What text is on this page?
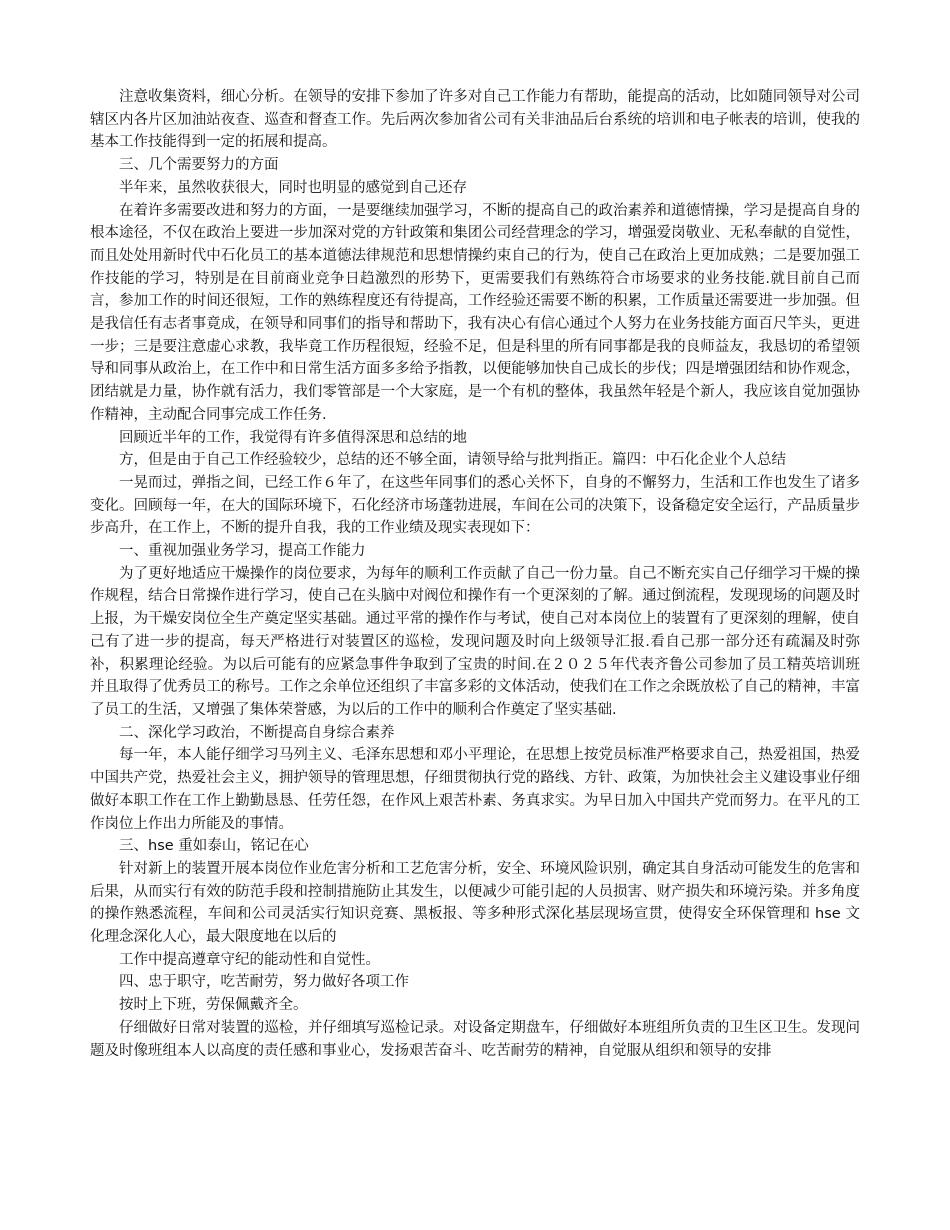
注意收集资料，细心分析。在领导的安排下参加了许多对自己工作能力有帮助，能提高的活动，比如随同领导对公司辖区内各片区加油站夜查、巡查和督查工作。先后两次参加省公司有关非油品后台系统的培训和电子帐表的培训，使我的基本工作技能得到一定的拓展和提高。

三、几个需要努力的方面

半年来，虽然收获很大，同时也明显的感觉到自己还存

在着许多需要改进和努力的方面，一是要继续加强学习，不断的提高自己的政治素养和道德情操，学习是提高自身的根本途径，不仅在政治上要进一步加深对党的方针政策和集团公司经营理念的学习，增强爱岗敬业、无私奉献的自觉性，而且处处用新时代中石化员工的基本道德法律规范和思想情操约束自己的行为，使自己在政治上更加成熟；二是要加强工作技能的学习，特别是在目前商业竞争日趋激烈的形势下，更需要我们有熟练符合市场要求的业务技能.就目前自己而言，参加工作的时间还很短，工作的熟练程度还有待提高，工作经验还需要不断的积累，工作质量还需要进一步加强。但是我信任有志者事竟成，在领导和同事们的指导和帮助下，我有决心有信心通过个人努力在业务技能方面百尺竿头，更进一步；三是要注意虚心求教，我毕竟工作历程很短，经验不足，但是科里的所有同事都是我的良师益友，我恳切的希望领导和同事从政治上，在工作中和日常生活方面多多给予指教，以便能够加快自己成长的步伐；四是增强团结和协作观念，团结就是力量，协作就有活力，我们零管部是一个大家庭，是一个有机的整体，我虽然年轻是个新人，我应该自觉加强协作精神，主动配合同事完成工作任务.

回顾近半年的工作，我觉得有许多值得深思和总结的地

方，但是由于自己工作经验较少，总结的还不够全面，请领导给与批判指正。篇四：中石化企业个人总结

一晃而过，弹指之间，已经工作６年了，在这些年同事们的悉心关怀下，自身的不懈努力，生活和工作也发生了诸多变化。回顾每一年，在大的国际环境下，石化经济市场蓬勃进展，车间在公司的决策下，设备稳定安全运行，产品质量步步高升，在工作上，不断的提升自我，我的工作业绩及现实表现如下：

一、重视加强业务学习，提高工作能力

为了更好地适应干燥操作的岗位要求，为每年的顺利工作贡献了自己一份力量。自己不断充实自己仔细学习干燥的操作规程，结合日常操作进行学习，使自己在头脑中对阀位和操作有一个更深刻的了解。通过倒流程，发现现场的问题及时上报，为干燥安岗位全生产奠定坚实基础。通过平常的操作作与考试，使自己对本岗位上的装置有了更深刻的理解，使自己有了进一步的提高，每天严格进行对装置区的巡检，发现问题及时向上级领导汇报.看自己那一部分还有疏漏及时弥补，积累理论经验。为以后可能有的应紧急事件争取到了宝贵的时间.在２０２５年代表齐鲁公司参加了员工精英培训班并且取得了优秀员工的称号。工作之余单位还组织了丰富多彩的文体活动，使我们在工作之余既放松了自己的精神，丰富了员工的生活，又增强了集体荣誉感，为以后的工作中的顺利合作奠定了坚实基础.

二、深化学习政治，不断提高自身综合素养

每一年，本人能仔细学习马列主义、毛泽东思想和邓小平理论，在思想上按党员标准严格要求自己，热爱祖国，热爱中国共产党，热爱社会主义，拥护领导的管理思想，仔细贯彻执行党的路线、方针、政策，为加快社会主义建设事业仔细做好本职工作在工作上勤勤恳恳、任劳任怨，在作风上艰苦朴素、务真求实。为早日加入中国共产党而努力。在平凡的工作岗位上作出力所能及的事情。

三、hse 重如泰山，铭记在心

针对新上的装置开展本岗位作业危害分析和工艺危害分析，安全、环境风险识别，确定其自身活动可能发生的危害和后果，从而实行有效的防范手段和控制措施防止其发生，以便减少可能引起的人员损害、财产损失和环境污染。并多角度的操作熟悉流程，车间和公司灵活实行知识竞赛、黑板报、等多种形式深化基层现场宣贯，使得安全环保管理和 hse 文化理念深化人心，最大限度地在以后的

工作中提高遵章守纪的能动性和自觉性。

四、忠于职守，吃苦耐劳，努力做好各项工作

按时上下班，劳保佩戴齐全。

仔细做好日常对装置的巡检，并仔细填写巡检记录。对设备定期盘车，仔细做好本班组所负责的卫生区卫生。发现问题及时像班组本人以高度的责任感和事业心，发扬艰苦奋斗、吃苦耐劳的精神，自觉服从组织和领导的安排
